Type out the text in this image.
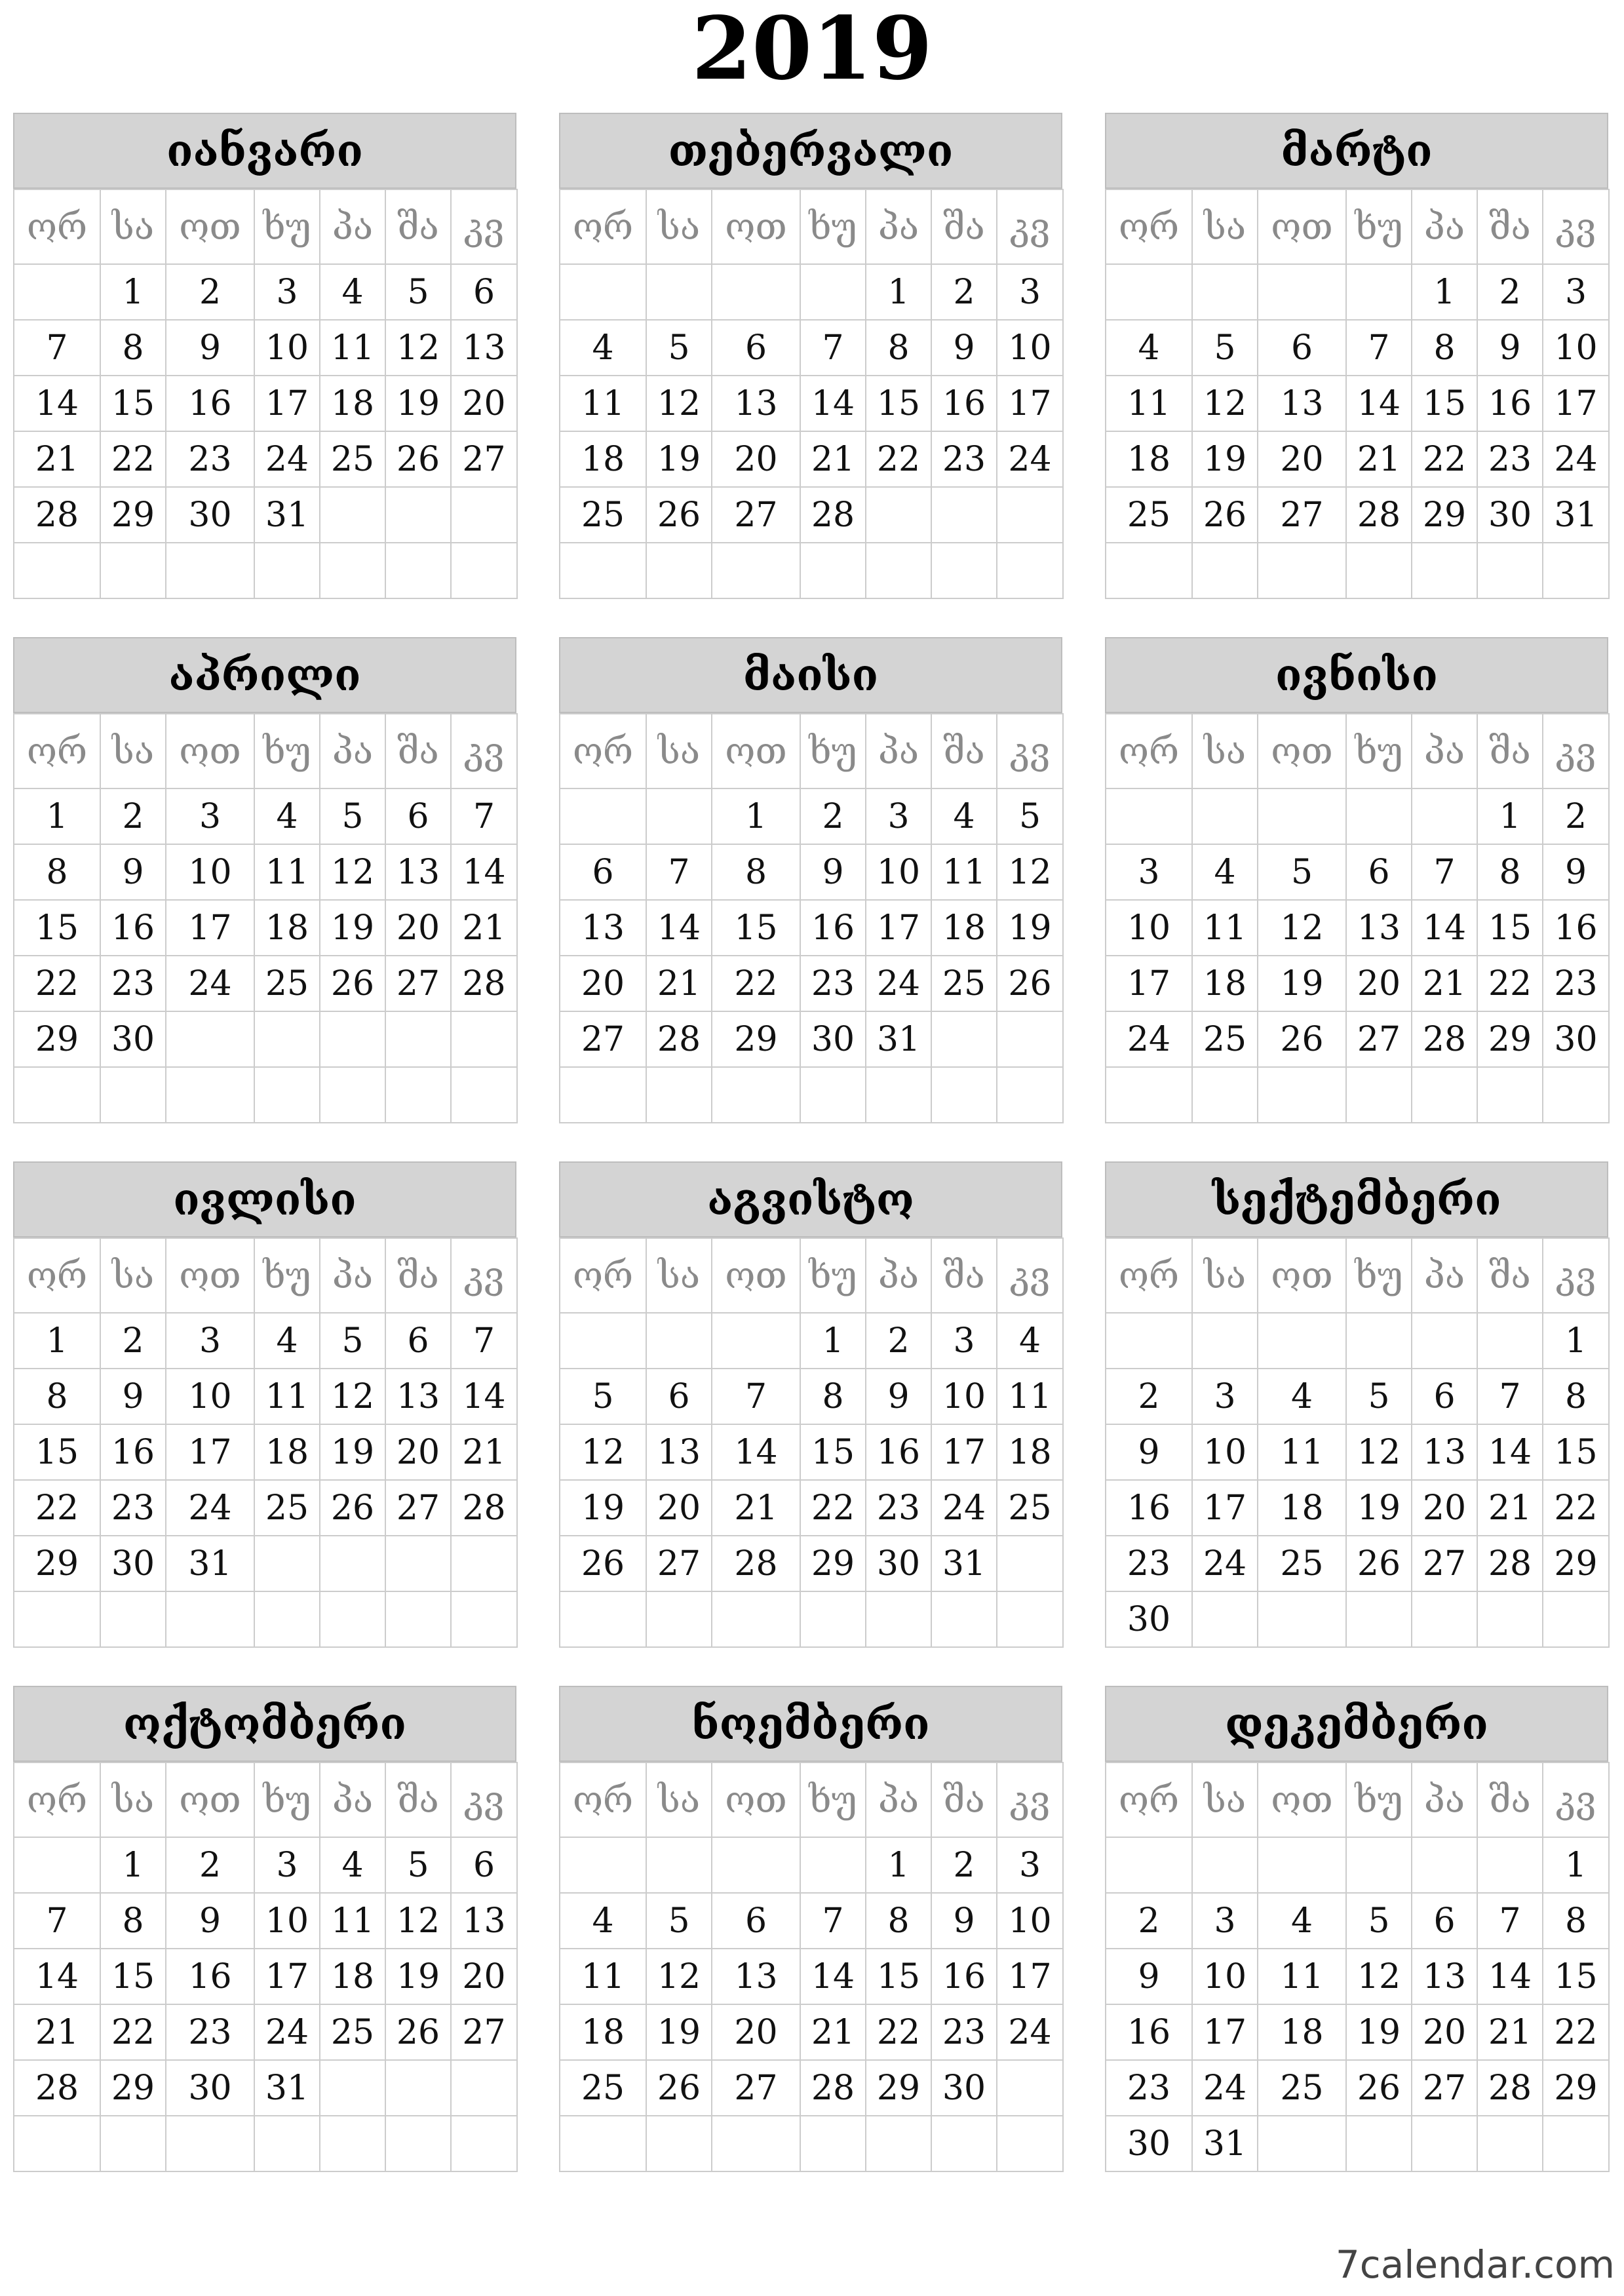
2019
იანვარი
ორ	სა	ოთ	ხუ	პა	შა	კვ
	1	2	3	4	5	6
7	8	9	10	11	12	13
14	15	16	17	18	19	20
21	22	23	24	25	26	27
28	29	30	31			

თებერვალი
ორ	სა	ოთ	ხუ	პა	შა	კვ
				1	2	3
4	5	6	7	8	9	10
11	12	13	14	15	16	17
18	19	20	21	22	23	24
25	26	27	28			

მარტი
ორ	სა	ოთ	ხუ	პა	შა	კვ
				1	2	3
4	5	6	7	8	9	10
11	12	13	14	15	16	17
18	19	20	21	22	23	24
25	26	27	28	29	30	31

აპრილი
ორ	სა	ოთ	ხუ	პა	შა	კვ
1	2	3	4	5	6	7
8	9	10	11	12	13	14
15	16	17	18	19	20	21
22	23	24	25	26	27	28
29	30					

მაისი
ორ	სა	ოთ	ხუ	პა	შა	კვ
		1	2	3	4	5
6	7	8	9	10	11	12
13	14	15	16	17	18	19
20	21	22	23	24	25	26
27	28	29	30	31		

ივნისი
ორ	სა	ოთ	ხუ	პა	შა	კვ
					1	2
3	4	5	6	7	8	9
10	11	12	13	14	15	16
17	18	19	20	21	22	23
24	25	26	27	28	29	30

ივლისი
ორ	სა	ოთ	ხუ	პა	შა	კვ
1	2	3	4	5	6	7
8	9	10	11	12	13	14
15	16	17	18	19	20	21
22	23	24	25	26	27	28
29	30	31				

აგვისტო
ორ	სა	ოთ	ხუ	პა	შა	კვ
			1	2	3	4
5	6	7	8	9	10	11
12	13	14	15	16	17	18
19	20	21	22	23	24	25
26	27	28	29	30	31	

სექტემბერი
ორ	სა	ოთ	ხუ	პა	შა	კვ
						1
2	3	4	5	6	7	8
9	10	11	12	13	14	15
16	17	18	19	20	21	22
23	24	25	26	27	28	29
30						
ოქტომბერი
ორ	სა	ოთ	ხუ	პა	შა	კვ
	1	2	3	4	5	6
7	8	9	10	11	12	13
14	15	16	17	18	19	20
21	22	23	24	25	26	27
28	29	30	31			

ნოემბერი
ორ	სა	ოთ	ხუ	პა	შა	კვ
				1	2	3
4	5	6	7	8	9	10
11	12	13	14	15	16	17
18	19	20	21	22	23	24
25	26	27	28	29	30	

დეკემბერი
ორ	სა	ოთ	ხუ	პა	შა	კვ
						1
2	3	4	5	6	7	8
9	10	11	12	13	14	15
16	17	18	19	20	21	22
23	24	25	26	27	28	29
30	31					
7calendar.com
